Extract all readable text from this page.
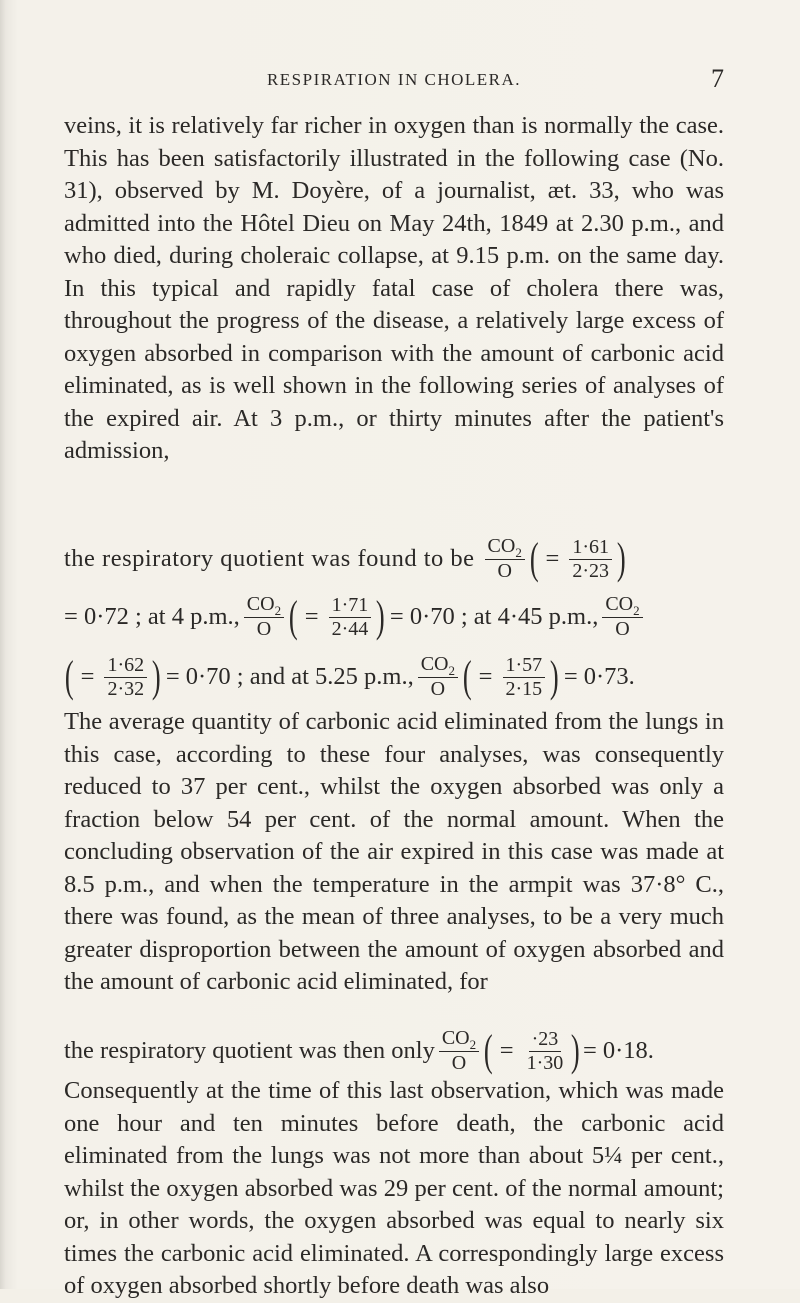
RESPIRATION IN CHOLERA.	7

veins, it is relatively far richer in oxygen than is normally the case. This has been satisfactorily illustrated in the following case (No. 31), observed by M. Doyère, of a journalist, æt. 33, who was admitted into the Hôtel Dieu on May 24th, 1849 at 2.30 p.m., and who died, during choleraic collapse, at 9.15 p.m. on the same day. In this typical and rapidly fatal case of cholera there was, throughout the progress of the disease, a relatively large excess of oxygen absorbed in comparison with the amount of carbonic acid eliminated, as is well shown in the following series of analyses of the expired air. At 3 p.m., or thirty minutes after the patient's admission,

the respiratory quotient was found to be $\frac{CO_2}{O}$ ( = $\frac{1\cdot 61}{2\cdot 23}$ )
= 0·72 ; at 4 p.m., $\frac{CO_2}{O}$ ( = $\frac{1\cdot 71}{2\cdot 44}$ ) = 0·70 ; at 4·45 p.m., $\frac{CO_2}{O}$
( = $\frac{1\cdot 62}{2\cdot 32}$ ) = 0·70 ; and at 5.25 p.m., $\frac{CO_2}{O}$ ( = $\frac{1\cdot 57}{2\cdot 15}$ ) = 0·73.

The average quantity of carbonic acid eliminated from the lungs in this case, according to these four analyses, was consequently reduced to 37 per cent., whilst the oxygen absorbed was only a fraction below 54 per cent. of the normal amount. When the concluding observation of the air expired in this case was made at 8.5 p.m., and when the temperature in the armpit was 37·8° C., there was found, as the mean of three analyses, to be a very much greater disproportion between the amount of oxygen absorbed and the amount of carbonic acid eliminated, for

the respiratory quotient was then only $\frac{CO_2}{O}$ ( = $\frac{\cdot 23}{1\cdot 30}$ ) = 0·18.

Consequently at the time of this last observation, which was made one hour and ten minutes before death, the carbonic acid eliminated from the lungs was not more than about 5¼ per cent., whilst the oxygen absorbed was 29 per cent. of the normal amount; or, in other words, the oxygen absorbed was equal to nearly six times the carbonic acid eliminated. A correspondingly large excess of oxygen absorbed shortly before death was also
